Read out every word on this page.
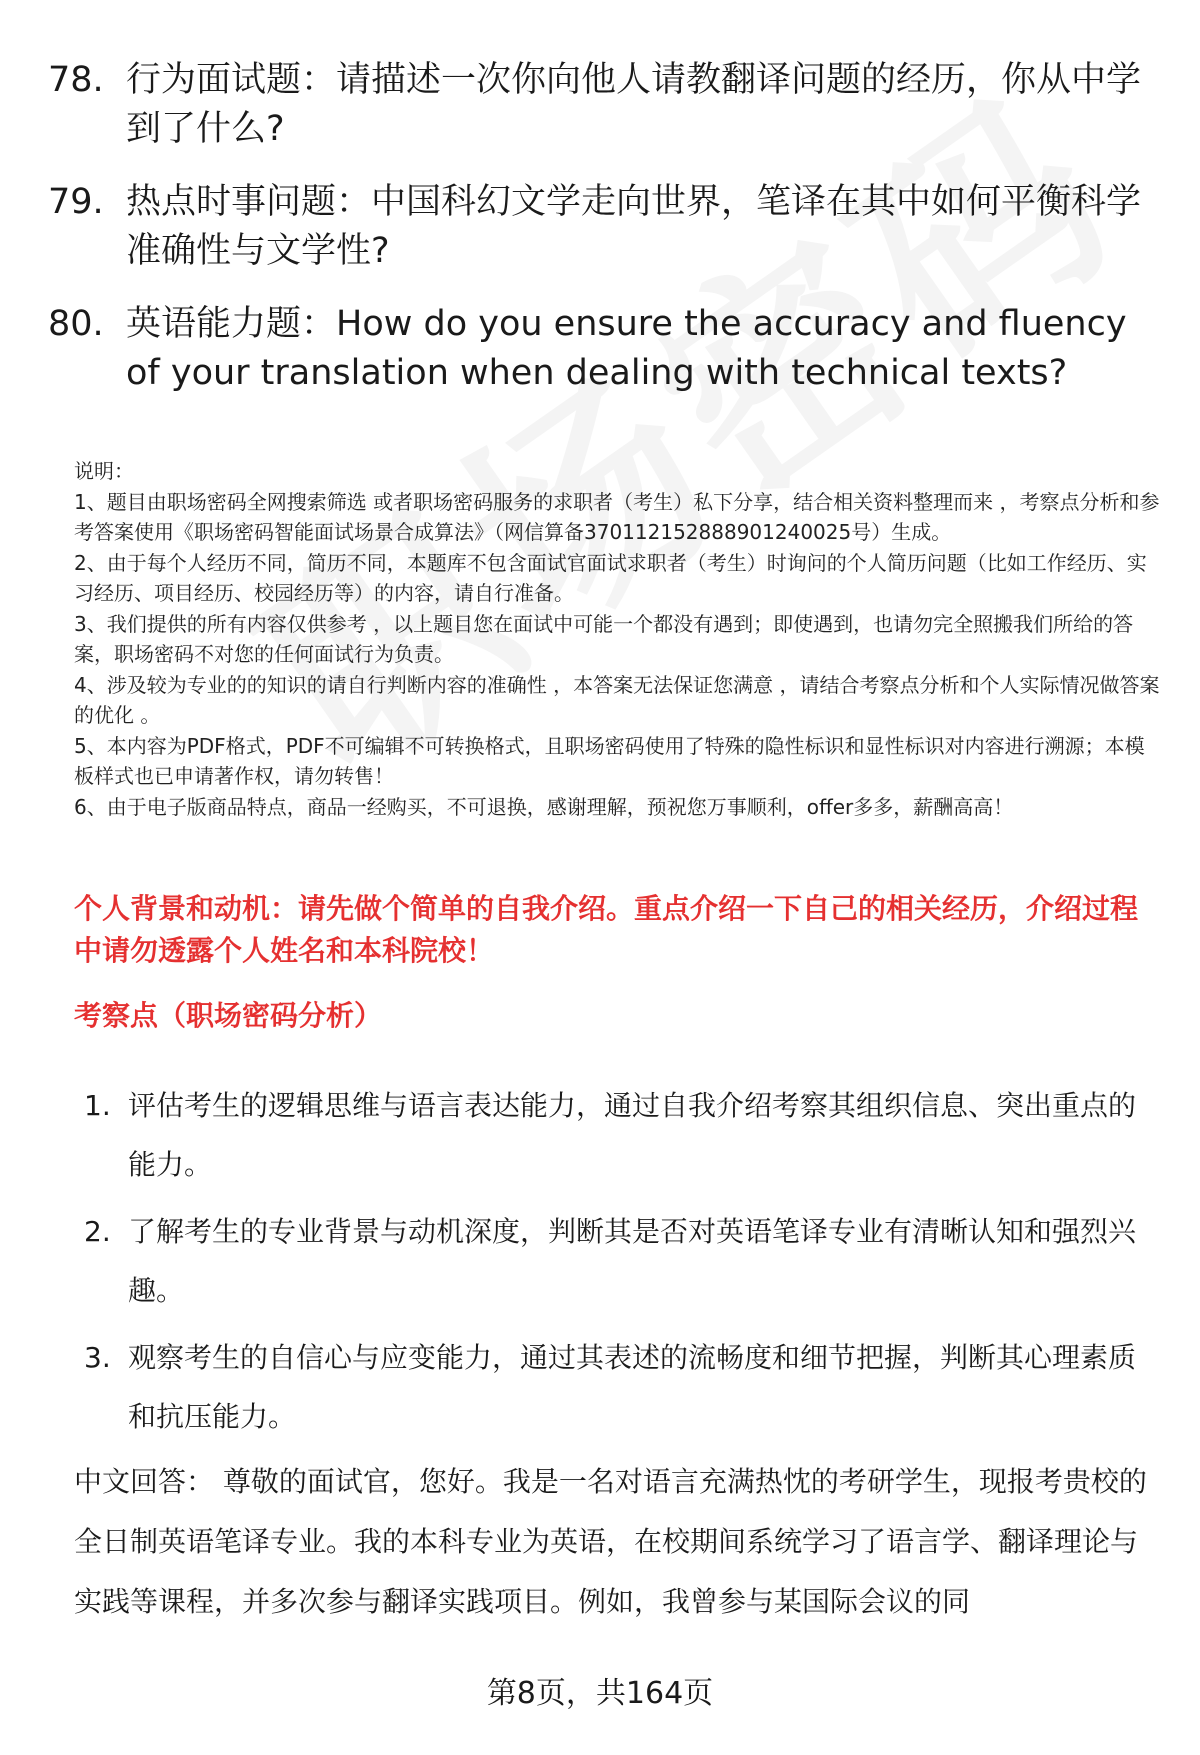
78. 行为面试题：请描述一次你向他人请教翻译问题的经历，你从中学到了什么?
79. 热点时事问题：中国科幻文学走向世界，笔译在其中如何平衡科学准确性与文学性?
80. 英语能力题：How do you ensure the accuracy and fluency of your translation when dealing with technical texts?
说明：
1、题目由职场密码全网搜索筛选 或者职场密码服务的求职者（考生）私下分享，结合相关资料整理而来 ，考察点分析和参考答案使用《职场密码智能面试场景合成算法》（网信算备370112152888901240025号）生成。
2、由于每个人经历不同，简历不同，本题库不包含面试官面试求职者（考生）时询问的个人简历问题（比如工作经历、实习经历、项目经历、校园经历等）的内容，请自行准备。
3、我们提供的所有内容仅供参考 ，以上题目您在面试中可能一个都没有遇到；即使遇到，也请勿完全照搬我们所给的答案，职场密码不对您的任何面试行为负责。
4、涉及较为专业的的知识的请自行判断内容的准确性 ，本答案无法保证您满意 ，请结合考察点分析和个人实际情况做答案的优化 。
5、本内容为PDF格式，PDF不可编辑不可转换格式，且职场密码使用了特殊的隐性标识和显性标识对内容进行溯源；本模板样式也已申请著作权，请勿转售！
6、由于电子版商品特点，商品一经购买，不可退换，感谢理解，预祝您万事顺利，offer多多，薪酬高高！
个人背景和动机：请先做个简单的自我介绍。重点介绍一下自己的相关经历，介绍过程中请勿透露个人姓名和本科院校！
考察点（职场密码分析）
1. 评估考生的逻辑思维与语言表达能力，通过自我介绍考察其组织信息、突出重点的能力。
2. 了解考生的专业背景与动机深度，判断其是否对英语笔译专业有清晰认知和强烈兴趣。
3. 观察考生的自信心与应变能力，通过其表述的流畅度和细节把握，判断其心理素质和抗压能力。
中文回答： 尊敬的面试官，您好。我是一名对语言充满热忱的考研学生，现报考贵校的全日制英语笔译专业。我的本科专业为英语，在校期间系统学习了语言学、翻译理论与实践等课程，并多次参与翻译实践项目。例如，我曾参与某国际会议的同
第8页，共164页
